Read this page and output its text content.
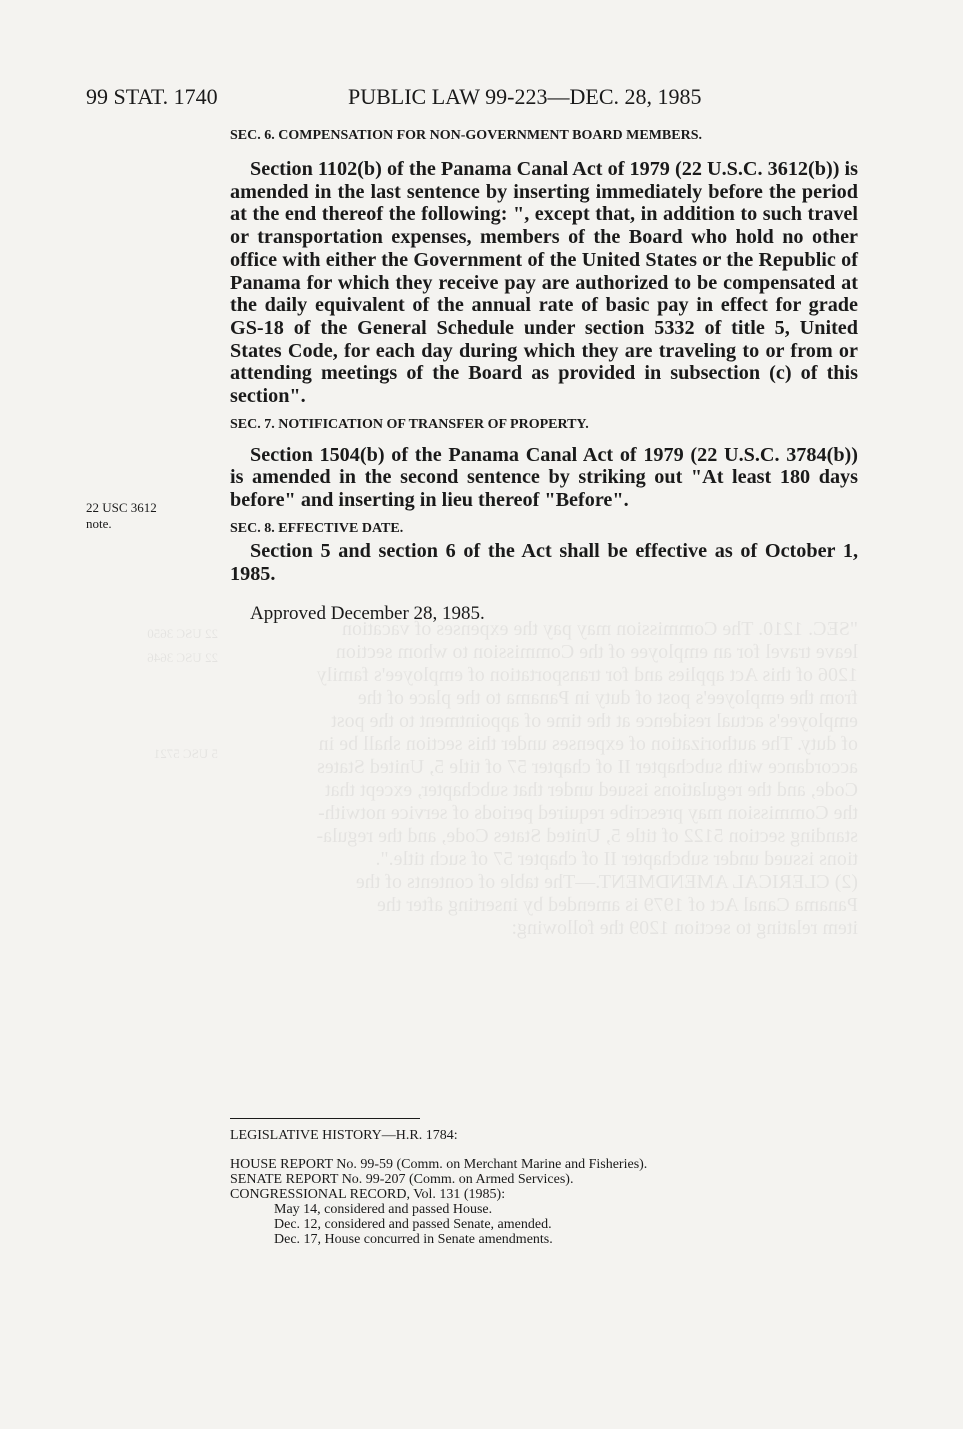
99 STAT. 1740	PUBLIC LAW 99-223—DEC. 28, 1985

SEC. 6. COMPENSATION FOR NON-GOVERNMENT BOARD MEMBERS.

Section 1102(b) of the Panama Canal Act of 1979 (22 U.S.C. 3612(b)) is amended in the last sentence by inserting immediately before the period at the end thereof the following: ", except that, in addition to such travel or transportation expenses, members of the Board who hold no other office with either the Government of the United States or the Republic of Panama for which they receive pay are authorized to be compensated at the daily equivalent of the annual rate of basic pay in effect for grade GS-18 of the General Schedule under section 5332 of title 5, United States Code, for each day during which they are traveling to or from or attending meetings of the Board as provided in subsection (c) of this section".

SEC. 7. NOTIFICATION OF TRANSFER OF PROPERTY.

Section 1504(b) of the Panama Canal Act of 1979 (22 U.S.C. 3784(b)) is amended in the second sentence by striking out "At least 180 days before" and inserting in lieu thereof "Before".

SEC. 8. EFFECTIVE DATE.

Section 5 and section 6 of the Act shall be effective as of October 1, 1985.

Approved December 28, 1985.

22 USC 3612
note.
"SEC. 1210. The Commission may pay the expenses of vacation
leave travel for an employee of the Commission to whom section
1206 of this Act applies and for transportation of employee's family
from the employee's post of duty in Panama to the place of the
employee's actual residence at the time of appointment to the post
of duty. The authorization of expenses under this section shall be in
accordance with subchapter II of chapter 57 of title 5, United States
Code, and the regulations issued under that subchapter, except that
the Commission may prescribe required periods of service notwith-
standing section 5122 of title 5, United States Code, and the regula-
tions issued under subchapter II of chapter 57 of such title.".
(2) CLERICAL AMENDMENT.—The table of contents of the
Panama Canal Act of 1979 is amended by inserting after the
item relating to section 1209 the following:
22 USC 3650
22 USC 3646

5 USC 5721
LEGISLATIVE HISTORY—H.R. 1784:

HOUSE REPORT No. 99-59 (Comm. on Merchant Marine and Fisheries).

SENATE REPORT No. 99-207 (Comm. on Armed Services).

CONGRESSIONAL RECORD, Vol. 131 (1985):

May 14, considered and passed House.

Dec. 12, considered and passed Senate, amended.

Dec. 17, House concurred in Senate amendments.
